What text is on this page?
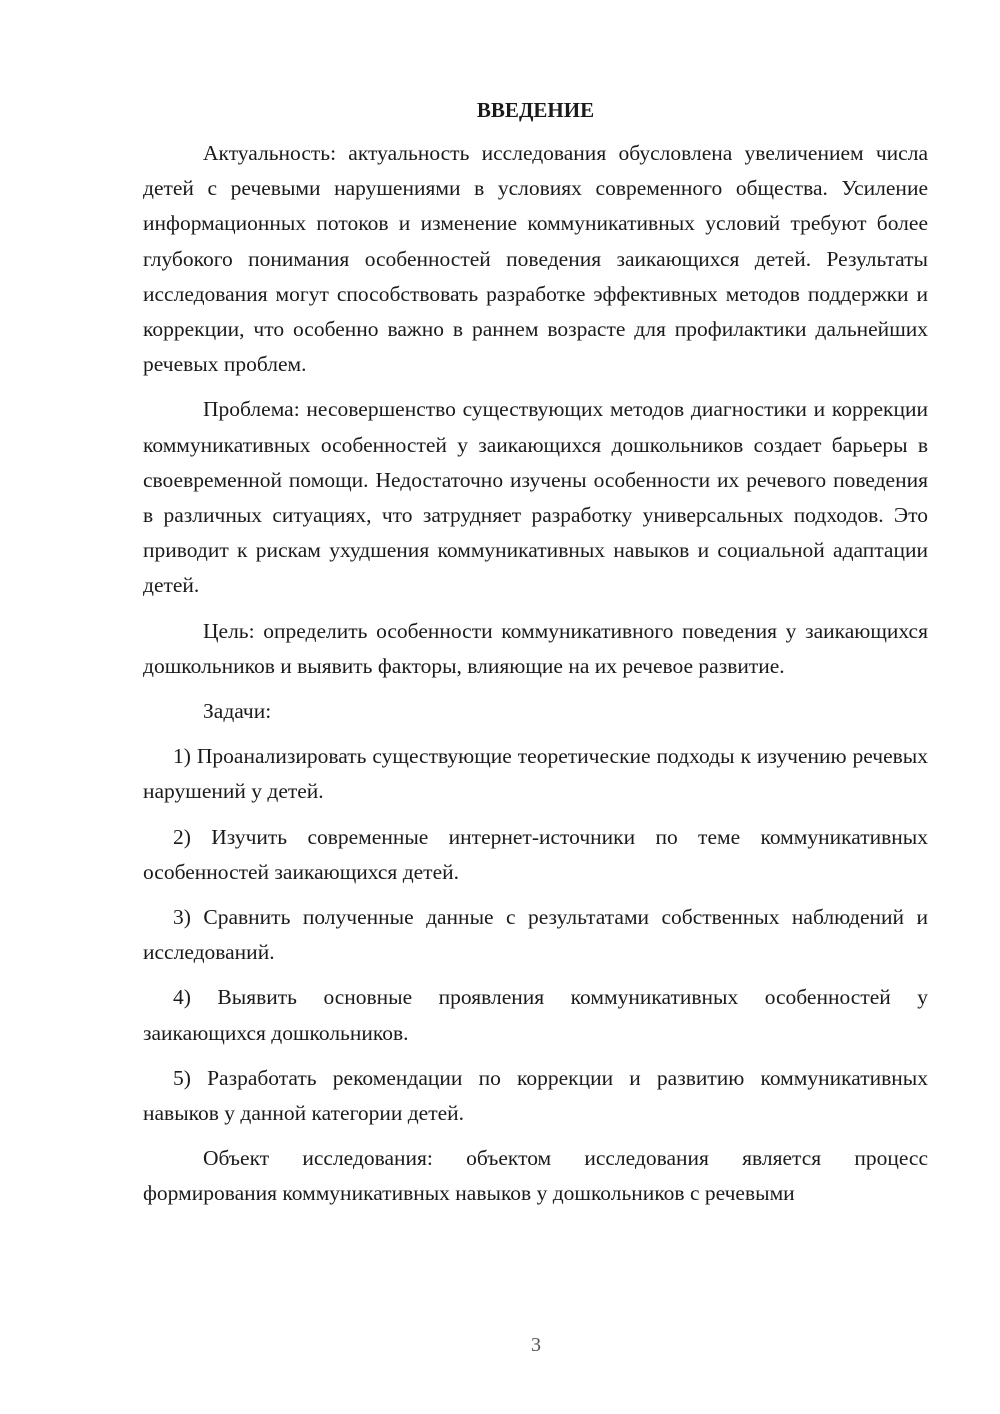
ВВЕДЕНИЕ

Актуальность: актуальность исследования обусловлена увеличением числа детей с речевыми нарушениями в условиях современного общества. Усиление информационных потоков и изменение коммуникативных условий требуют более глубокого понимания особенностей поведения заикающихся детей. Результаты исследования могут способствовать разработке эффективных методов поддержки и коррекции, что особенно важно в раннем возрасте для профилактики дальнейших речевых проблем.

Проблема: несовершенство существующих методов диагностики и коррекции коммуникативных особенностей у заикающихся дошкольников создает барьеры в своевременной помощи. Недостаточно изучены особенности их речевого поведения в различных ситуациях, что затрудняет разработку универсальных подходов. Это приводит к рискам ухудшения коммуникативных навыков и социальной адаптации детей.

Цель: определить особенности коммуникативного поведения у заикающихся дошкольников и выявить факторы, влияющие на их речевое развитие.

Задачи:

1) Проанализировать существующие теоретические подходы к изучению речевых нарушений у детей.

2) Изучить современные интернет-источники по теме коммуникативных особенностей заикающихся детей.

3) Сравнить полученные данные с результатами собственных наблюдений и исследований.

4) Выявить основные проявления коммуникативных особенностей у заикающихся дошкольников.

5) Разработать рекомендации по коррекции и развитию коммуникативных навыков у данной категории детей.

Объект исследования: объектом исследования является процесс формирования коммуникативных навыков у дошкольников с речевыми

3
